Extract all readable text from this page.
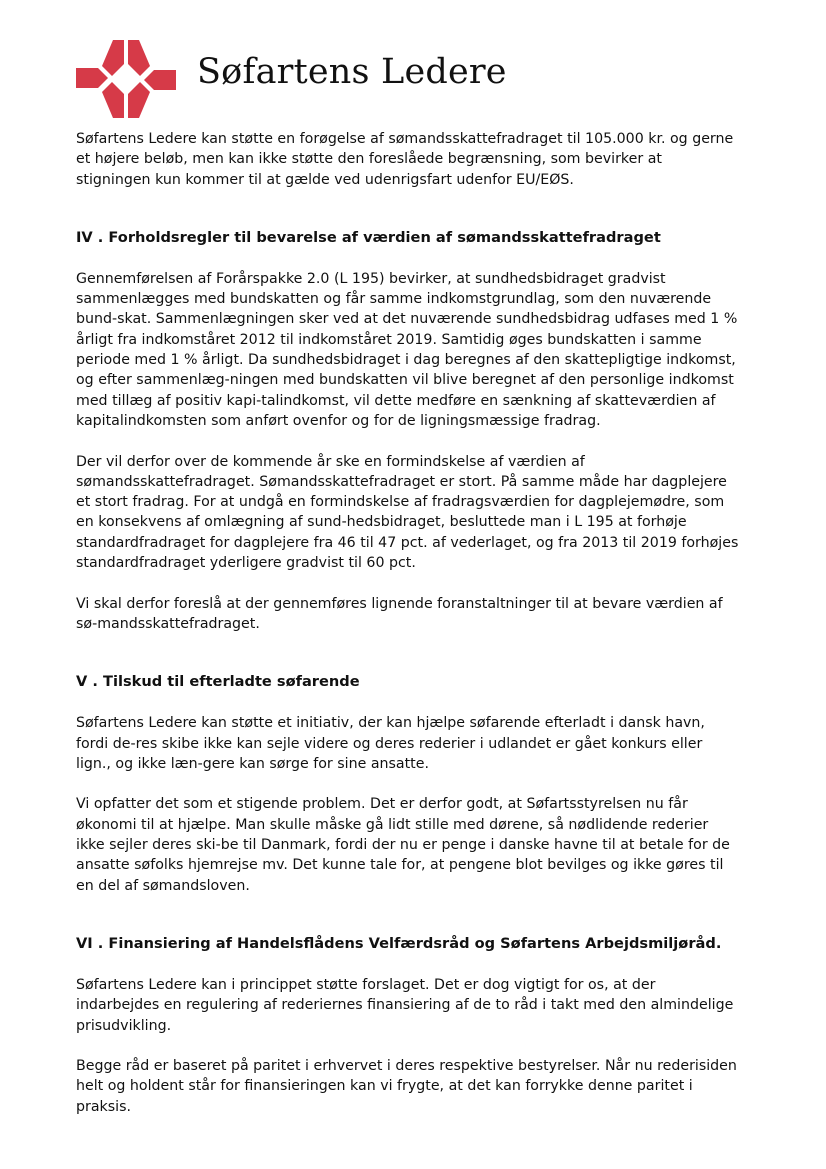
Søfartens Ledere

Søfartens Ledere kan støtte en forøgelse af sømandsskattefradraget til 105.000 kr. og gerne et højere beløb, men kan ikke støtte den foreslåede begrænsning, som bevirker at stigningen kun kommer til at gælde ved udenrigsfart udenfor EU/EØS.

IV . Forholdsregler til bevarelse af værdien af sømandsskattefradraget

Gennemførelsen af Forårspakke 2.0 (L 195) bevirker, at sundhedsbidraget gradvist sammenlægges med bundskatten og får samme indkomstgrundlag, som den nuværende bund-skat. Sammenlægningen sker ved at det nuværende sundhedsbidrag udfases med 1 % årligt fra indkomståret 2012 til indkomståret 2019. Samtidig øges bundskatten i samme periode med 1 % årligt. Da sundhedsbidraget i dag beregnes af den skattepligtige indkomst, og efter sammenlæg-ningen med bundskatten vil blive beregnet af den personlige indkomst med tillæg af positiv kapi-talindkomst, vil dette medføre en sænkning af skatteværdien af kapitalindkomsten som anført ovenfor og for de ligningsmæssige fradrag.

Der vil derfor over de kommende år ske en formindskelse af værdien af sømandsskattefradraget. Sømandsskattefradraget er stort. På samme måde har dagplejere et stort fradrag. For at undgå en formindskelse af fradragsværdien for dagplejemødre, som en konsekvens af omlægning af sund-hedsbidraget, besluttede man i L 195 at forhøje standardfradraget for dagplejere fra 46 til 47 pct. af vederlaget, og fra 2013 til 2019 forhøjes standardfradraget yderligere gradvist til 60 pct.

Vi skal derfor foreslå at der gennemføres lignende foranstaltninger til at bevare værdien af sø-mandsskattefradraget.

V . Tilskud til efterladte søfarende

Søfartens Ledere kan støtte et initiativ, der kan hjælpe søfarende efterladt i dansk havn, fordi de-res skibe ikke kan sejle videre og deres rederier i udlandet er gået konkurs eller lign., og ikke læn-gere kan sørge for sine ansatte.

Vi opfatter det som et stigende problem. Det er derfor godt, at Søfartsstyrelsen nu får økonomi til at hjælpe. Man skulle måske gå lidt stille med dørene, så nødlidende rederier ikke sejler deres ski-be til Danmark, fordi der nu er penge i danske havne til at betale for de ansatte søfolks hjemrejse mv. Det kunne tale for, at pengene blot bevilges og ikke gøres til en del af sømandsloven.

VI . Finansiering af Handelsflådens Velfærdsråd og Søfartens Arbejdsmiljøråd.

Søfartens Ledere kan i princippet støtte forslaget. Det er dog vigtigt for os, at der indarbejdes en regulering af rederiernes finansiering af de to råd i takt med den almindelige prisudvikling.

Begge råd er baseret på paritet i erhvervet i deres respektive bestyrelser. Når nu rederisiden helt og holdent står for finansieringen kan vi frygte, at det kan forrykke denne paritet i praksis.
